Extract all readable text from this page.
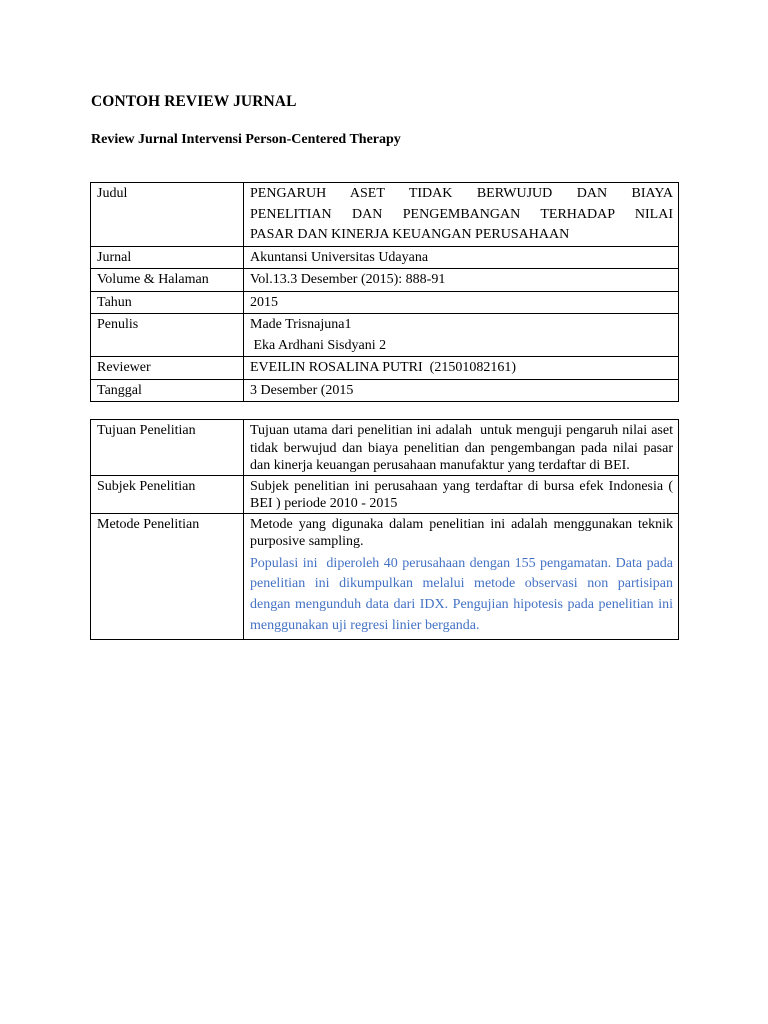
CONTOH REVIEW JURNAL
Review Jurnal Intervensi Person-Centered Therapy
Judul	PENGARUH ASET TIDAK BERWUJUD DAN BIAYA
PENELITIAN DAN PENGEMBANGAN TERHADAP NILAI
PASAR DAN KINERJA KEUANGAN PERUSAHAAN

Jurnal	Akuntansi Universitas Udayana
Volume & Halaman	Vol.13.3 Desember (2015): 888-91
Tahun	2015
Penulis	Made Trisnajuna1
Eka Ardhani Sisdyani 2

Reviewer	EVEILIN ROSALINA PUTRI  (21501082161)
Tanggal	3 Desember (2015
Tujuan Penelitian	Tujuan utama dari penelitian ini adalah  untuk menguji pengaruh nilai aset tidak berwujud dan biaya penelitian dan pengembangan pada nilai pasar dan kinerja keuangan perusahaan manufaktur yang terdaftar di BEI.

Subjek Penelitian	Subjek penelitian ini perusahaan yang terdaftar di bursa efek Indonesia ( BEI ) periode 2010 - 2015

Metode Penelitian	Metode yang digunaka dalam penelitian ini adalah menggunakan teknik purposive sampling.
Populasi ini  diperoleh 40 perusahaan dengan 155 pengamatan. Data pada penelitian ini dikumpulkan melalui metode observasi non partisipan dengan mengunduh data dari IDX. Pengujian hipotesis pada penelitian ini menggunakan uji regresi linier berganda.
